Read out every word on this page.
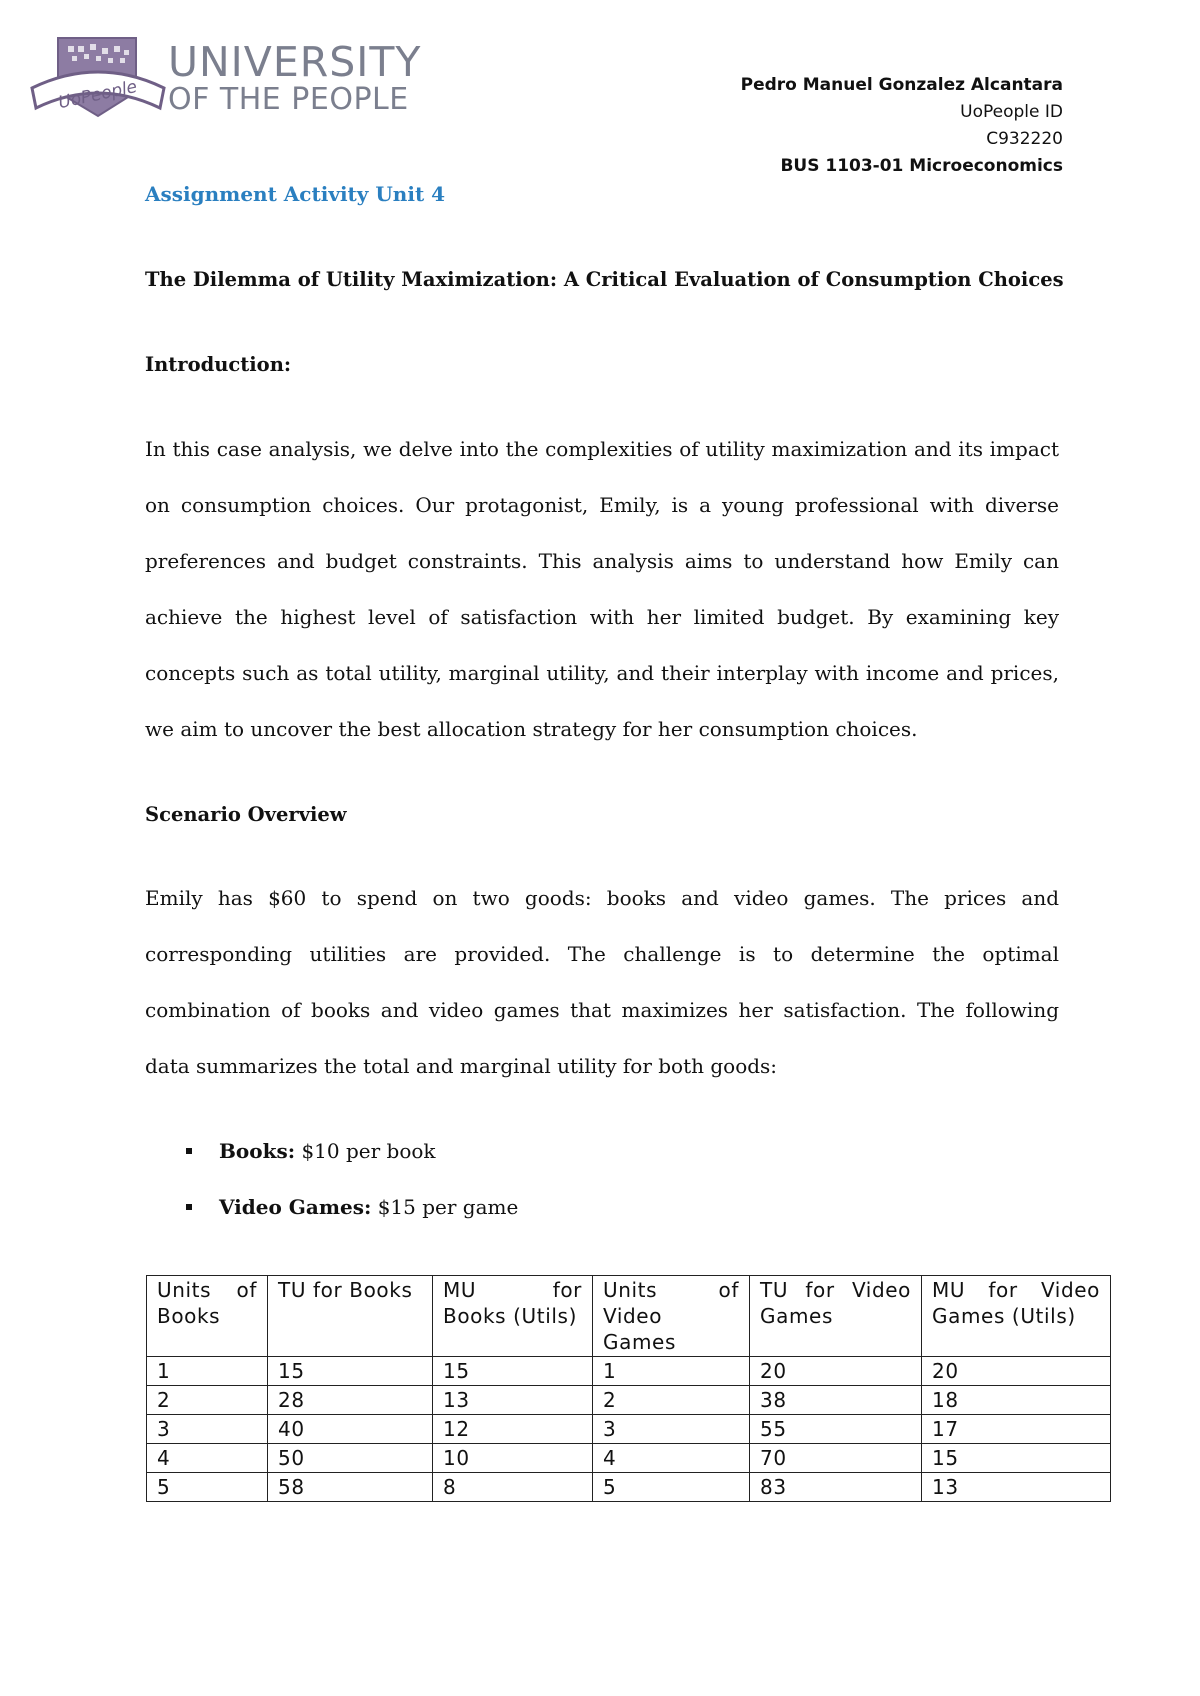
UoPeople
UNIVERSITY
OF THE PEOPLE	Pedro Manuel Gonzalez Alcantara
UoPeople ID
C932220
BUS 1103-01 Microeconomics
Assignment Activity Unit 4
The Dilemma of Utility Maximization: A Critical Evaluation of Consumption Choices
Introduction:

In this case analysis, we delve into the complexities of utility maximization and its impact on consumption choices. Our protagonist, Emily, is a young professional with diverse preferences and budget constraints. This analysis aims to understand how Emily can achieve the highest level of satisfaction with her limited budget. By examining key concepts such as total utility, marginal utility, and their interplay with income and prices, we aim to uncover the best allocation strategy for her consumption choices.

Scenario Overview

Emily has $60 to spend on two goods: books and video games. The prices and corresponding utilities are provided. The challenge is to determine the optimal combination of books and video games that maximizes her satisfaction. The following data summarizes the total and marginal utility for both goods:

Books: $10 per book
Video Games: $15 per game
Units of Books	TU for Books	MU for Books (Utils)	Units of Video Games	TU for Video Games	MU for Video Games (Utils)
1	15	15	1	20	20
2	28	13	2	38	18
3	40	12	3	55	17
4	50	10	4	70	15
5	58	8	5	83	13
